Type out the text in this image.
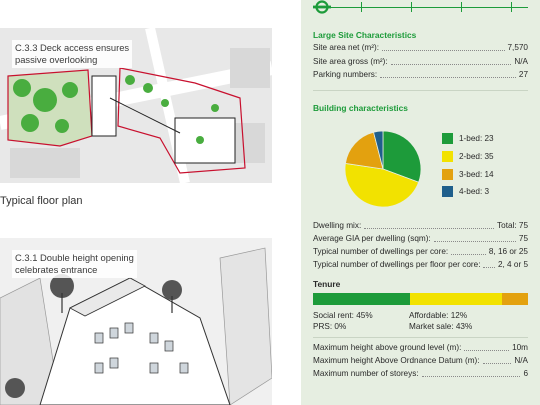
C.3.3 Deck access ensures
passive overlooking
Typical floor plan
C.3.1 Double height opening
celebrates entrance
Large Site Characteristics
Site area net (m²):	7,570
Site area gross (m²):	N/A
Parking numbers:	27
Building characteristics
1-bed: 23
2-bed: 35
3-bed: 14
4-bed: 3
Dwelling mix:	Total: 75
Average GIA per dwelling (sqm):	75
Typical number of dwellings per core:	8, 16 or 25
Typical number of dwellings per floor per core: 2, 4 or 5
Tenure
Social rent: 45%	Affordable: 12%
PRS: 0%	Market sale: 43%
Maximum height above ground level (m):	10m
Maximum height Above Ordnance Datum (m):	N/A
Maximum number of storeys:	6
